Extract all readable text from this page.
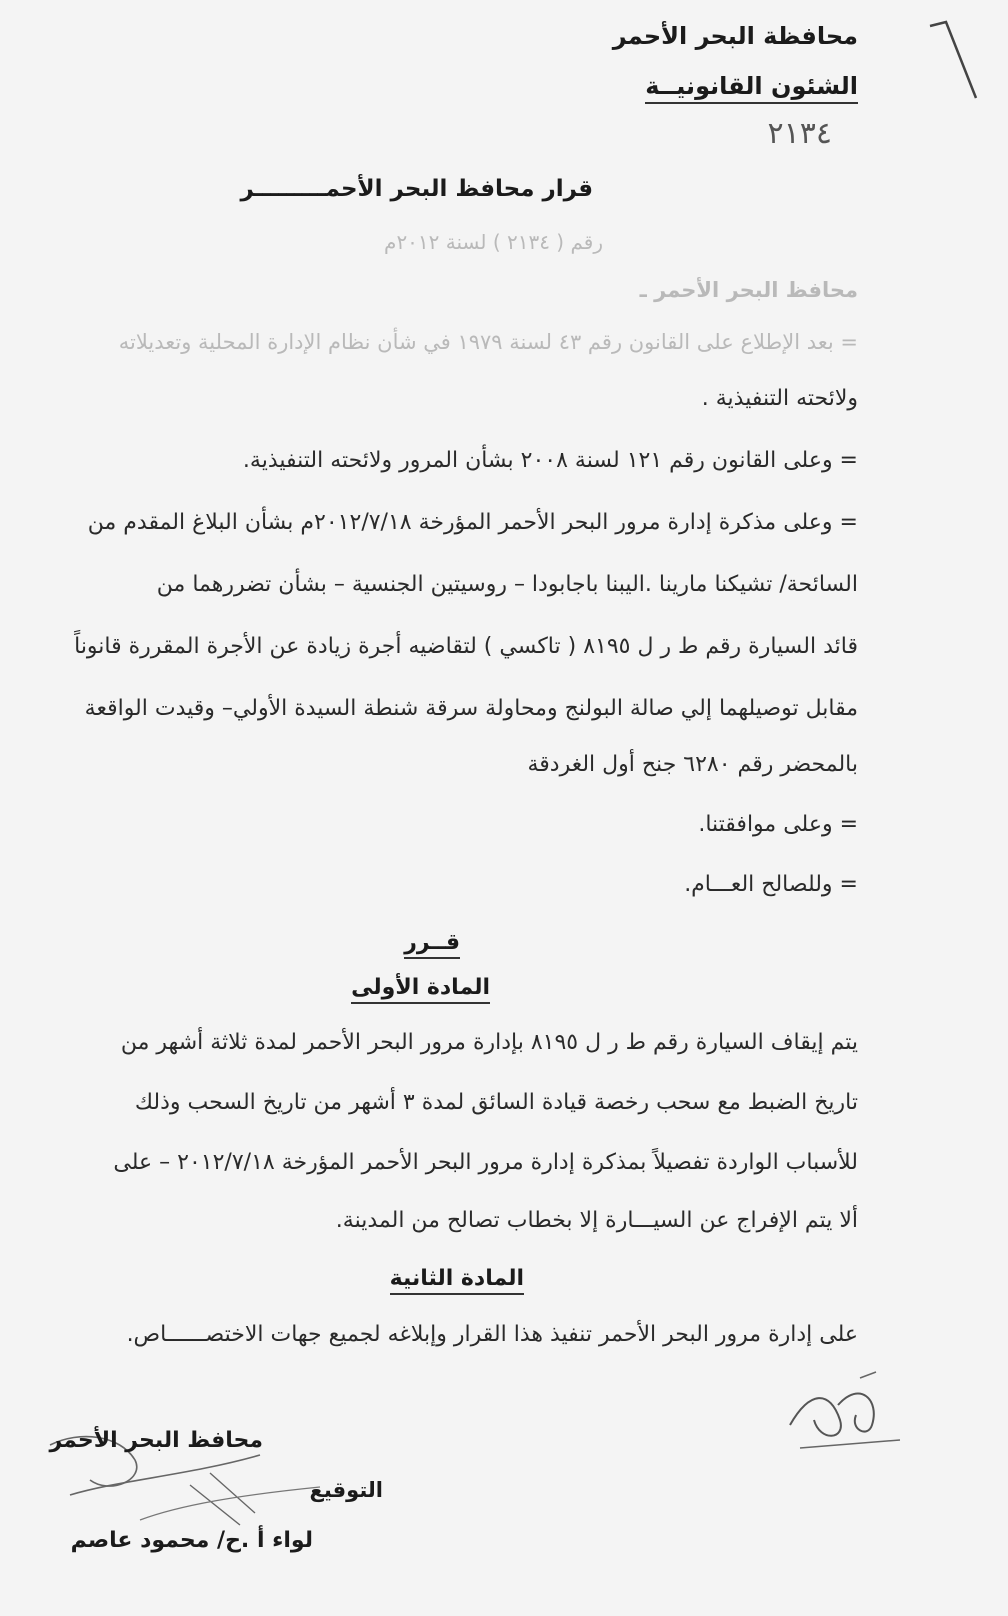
محافظة البحر الأحمر
الشئون القانونيــة
٢١٣٤
قرار محافظ البحر الأحمـــــــــر
رقم ( ٢١٣٤ ) لسنة ٢٠١٢م
محافظ البحر الأحمر ـ
= بعد الإطلاع على القانون رقم ٤٣ لسنة ١٩٧٩ في شأن نظام الإدارة المحلية وتعديلاته
ولائحته التنفيذية .
= وعلى القانون رقم ١٢١ لسنة ٢٠٠٨ بشأن المرور ولائحته التنفيذية.
= وعلى مذكرة إدارة مرور البحر الأحمر المؤرخة ٢٠١٢/٧/١٨م بشأن البلاغ المقدم من
السائحة/ تشيكنا مارينا .اليبنا باجابودا – روسيتين الجنسية – بشأن تضررهما من
قائد السيارة رقم ط ر ل ٨١٩٥ ( تاكسي ) لتقاضيه أجرة زيادة عن الأجرة المقررة قانوناً
مقابل توصيلهما إلي صالة البولنج ومحاولة سرقة شنطة السيدة الأولي– وقيدت الواقعة
بالمحضر رقم ٦٢٨٠ جنح أول الغردقة
= وعلى موافقتنا.
= وللصالح العـــام.
قــرر
المادة الأولى
يتم إيقاف السيارة رقم ط ر ل ٨١٩٥ بإدارة مرور البحر الأحمر لمدة ثلاثة أشهر من
تاريخ الضبط مع سحب رخصة قيادة السائق لمدة ٣ أشهر من تاريخ السحب وذلك
للأسباب الواردة تفصيلاً بمذكرة إدارة مرور البحر الأحمر المؤرخة ٢٠١٢/٧/١٨ – على
ألا يتم الإفراج عن السيـــارة إلا بخطاب تصالح من المدينة.
المادة الثانية
على إدارة مرور البحر الأحمر تنفيذ هذا القرار وإبلاغه لجميع جهات الاختصــــــاص.
محافظ البحر الأحمر
التوقيع
لواء أ .ح/ محمود عاصم
